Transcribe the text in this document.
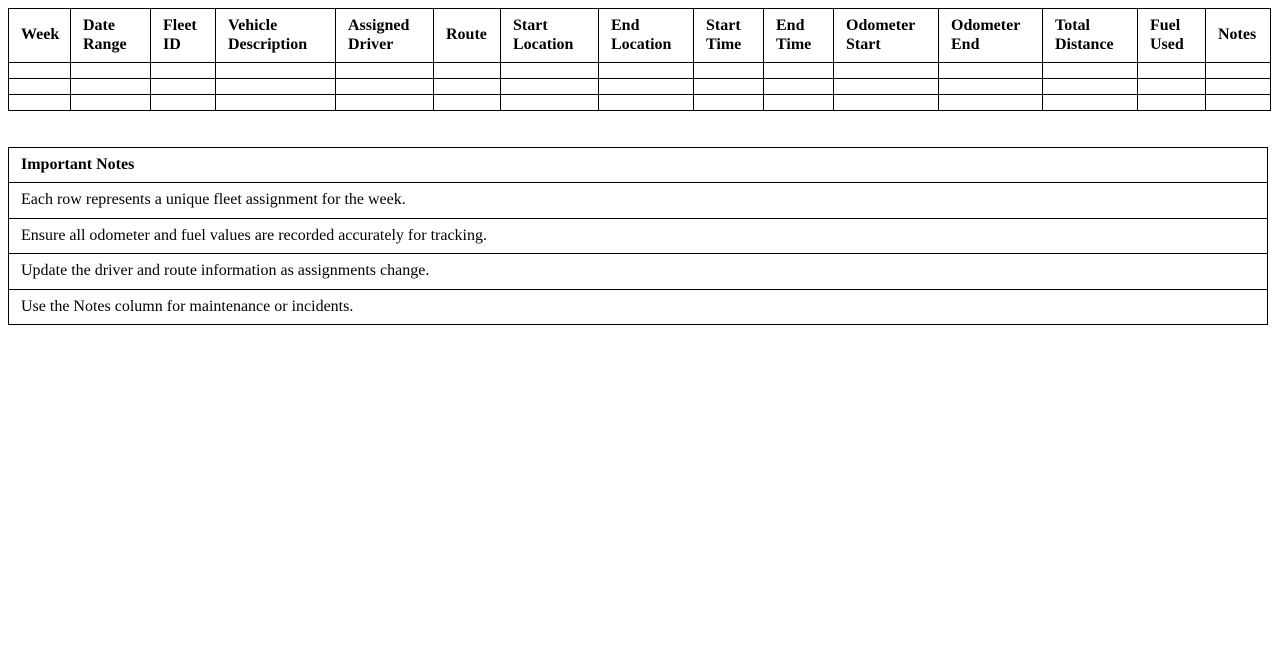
Week	Date Range	Fleet ID	Vehicle Description	Assigned Driver	Route	Start Location	End Location	Start Time	End Time	Odometer Start	Odometer End	Total Distance	Fuel Used	Notes

Important Notes
Each row represents a unique fleet assignment for the week.
Ensure all odometer and fuel values are recorded accurately for tracking.
Update the driver and route information as assignments change.
Use the Notes column for maintenance or incidents.
